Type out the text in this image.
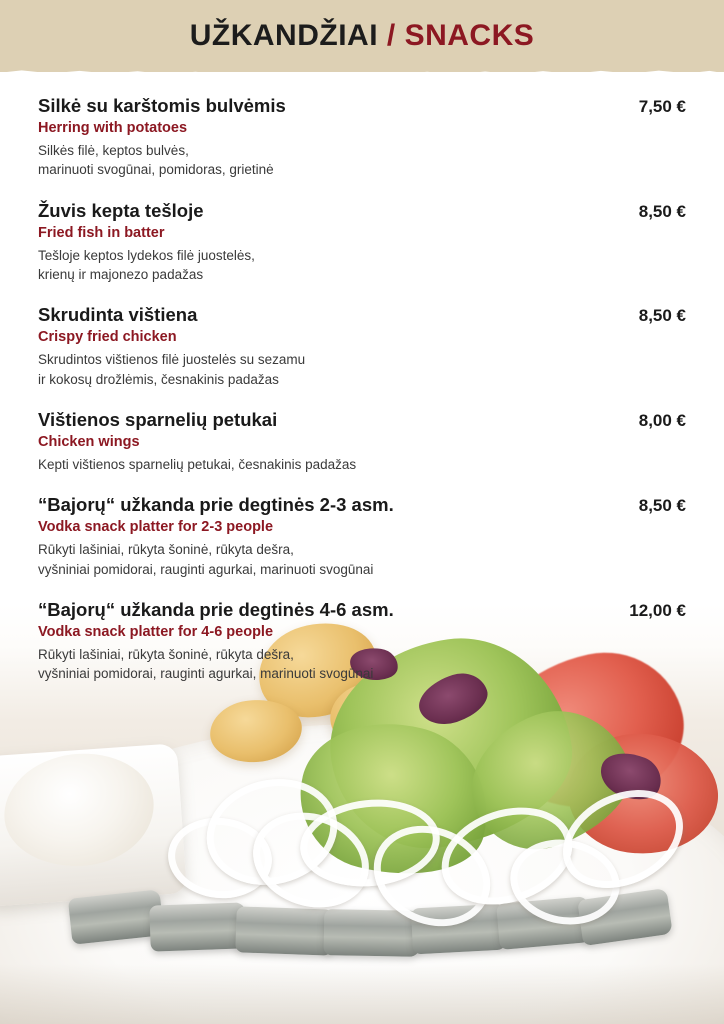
UŽKANDŽIAI / SNACKS
Silkė su karštomis bulvėmis	7,50 €
Herring with potatoes
Silkės filė, keptos bulvės,
marinuoti svogūnai, pomidoras, grietinė
Žuvis kepta tešloje	8,50 €
Fried fish in batter
Tešloje keptos lydekos filė juostelės,
krienų ir majonezo padažas
Skrudinta vištiena	8,50 €
Crispy fried chicken
Skrudintos vištienos filė juostelės su sezamu
ir kokosų drožlėmis, česnakinis padažas
Vištienos sparnelių petukai	8,00 €
Chicken wings
Kepti vištienos sparnelių petukai, česnakinis padažas
“Bajorų“ užkanda prie degtinės 2-3 asm.	8,50 €
Vodka snack platter for 2-3 people
Rūkyti lašiniai, rūkyta šoninė, rūkyta dešra,
vyšniniai pomidorai, rauginti agurkai, marinuoti svogūnai
“Bajorų“ užkanda prie degtinės 4-6 asm.	12,00 €
Vodka snack platter for 4-6 people
Rūkyti lašiniai, rūkyta šoninė, rūkyta dešra,
vyšniniai pomidorai, rauginti agurkai, marinuoti svogūnai
